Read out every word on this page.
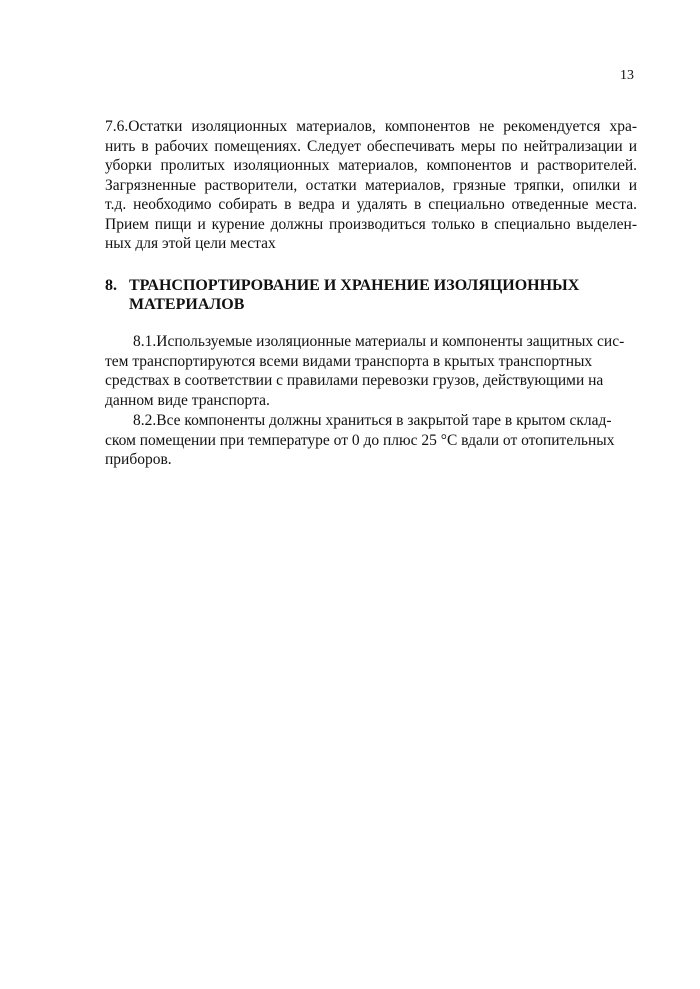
13
7.6.Остатки изоляционных материалов, компонентов не рекомендуется хра-
нить в рабочих помещениях. Следует обеспечивать меры по нейтрализации и
уборки пролитых изоляционных материалов, компонентов и растворителей.
Загрязненные растворители, остатки материалов, грязные тряпки, опилки и
т.д. необходимо собирать в ведра и удалять в специально отведенные места.
Прием пищи и курение должны производиться только в специально выделен-
ных для этой цели местах
8. ТРАНСПОРТИРОВАНИЕ И ХРАНЕНИЕ ИЗОЛЯЦИОННЫХ
МАТЕРИАЛОВ
8.1.Используемые изоляционные материалы и компоненты защитных сис-
тем транспортируются всеми видами транспорта в крытых транспортных
средствах в соответствии с правилами перевозки грузов, действующими на
данном виде транспорта.
8.2.Все компоненты должны храниться в закрытой таре в крытом склад-
ском помещении при температуре от 0 до плюс 25 °С вдали от отопительных
приборов.
